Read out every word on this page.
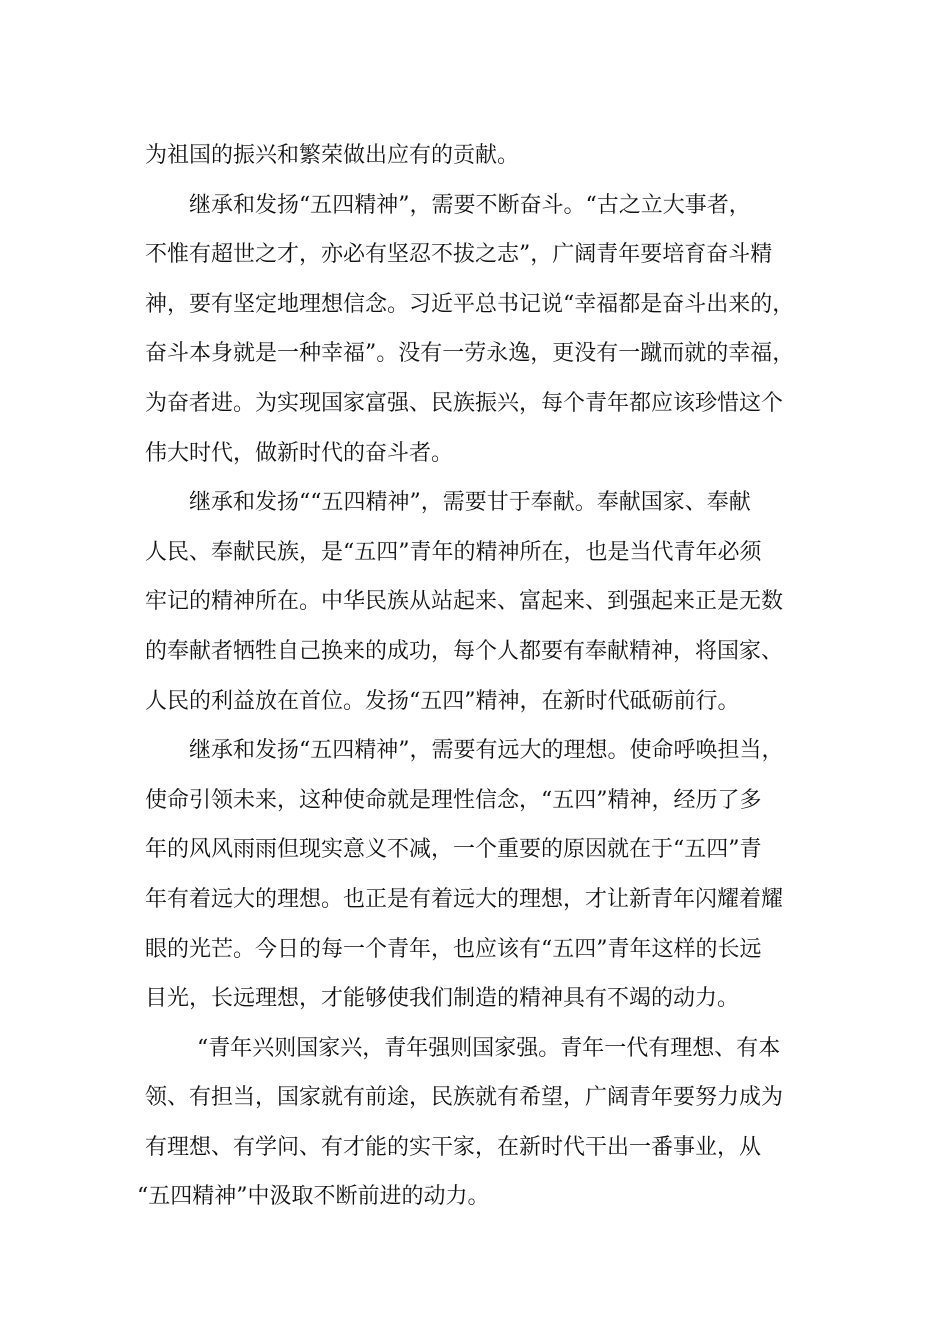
为祖国的振兴和繁荣做出应有的贡献。
继承和发扬“五四精神”，需要不断奋斗。“古之立大事者，
不惟有超世之才，亦必有坚忍不拔之志”，广阔青年要培育奋斗精
神，要有坚定地理想信念。习近平总书记说“幸福都是奋斗出来的，
奋斗本身就是一种幸福”。没有一劳永逸，更没有一蹴而就的幸福，
为奋者进。为实现国家富强、民族振兴，每个青年都应该珍惜这个
伟大时代，做新时代的奋斗者。
继承和发扬““五四精神”，需要甘于奉献。奉献国家、奉献
人民、奉献民族，是“五四”青年的精神所在，也是当代青年必须
牢记的精神所在。中华民族从站起来、富起来、到强起来正是无数
的奉献者牺牲自己换来的成功，每个人都要有奉献精神，将国家、
人民的利益放在首位。发扬“五四”精神，在新时代砥砺前行。
继承和发扬“五四精神”，需要有远大的理想。使命呼唤担当，
使命引领未来，这种使命就是理性信念，“五四”精神，经历了多
年的风风雨雨但现实意义不减，一个重要的原因就在于“五四”青
年有着远大的理想。也正是有着远大的理想，才让新青年闪耀着耀
眼的光芒。今日的每一个青年，也应该有“五四”青年这样的长远
目光，长远理想，才能够使我们制造的精神具有不竭的动力。
“青年兴则国家兴，青年强则国家强。青年一代有理想、有本
领、有担当，国家就有前途，民族就有希望，广阔青年要努力成为
有理想、有学问、有才能的实干家，在新时代干出一番事业，从
“五四精神”中汲取不断前进的动力。
